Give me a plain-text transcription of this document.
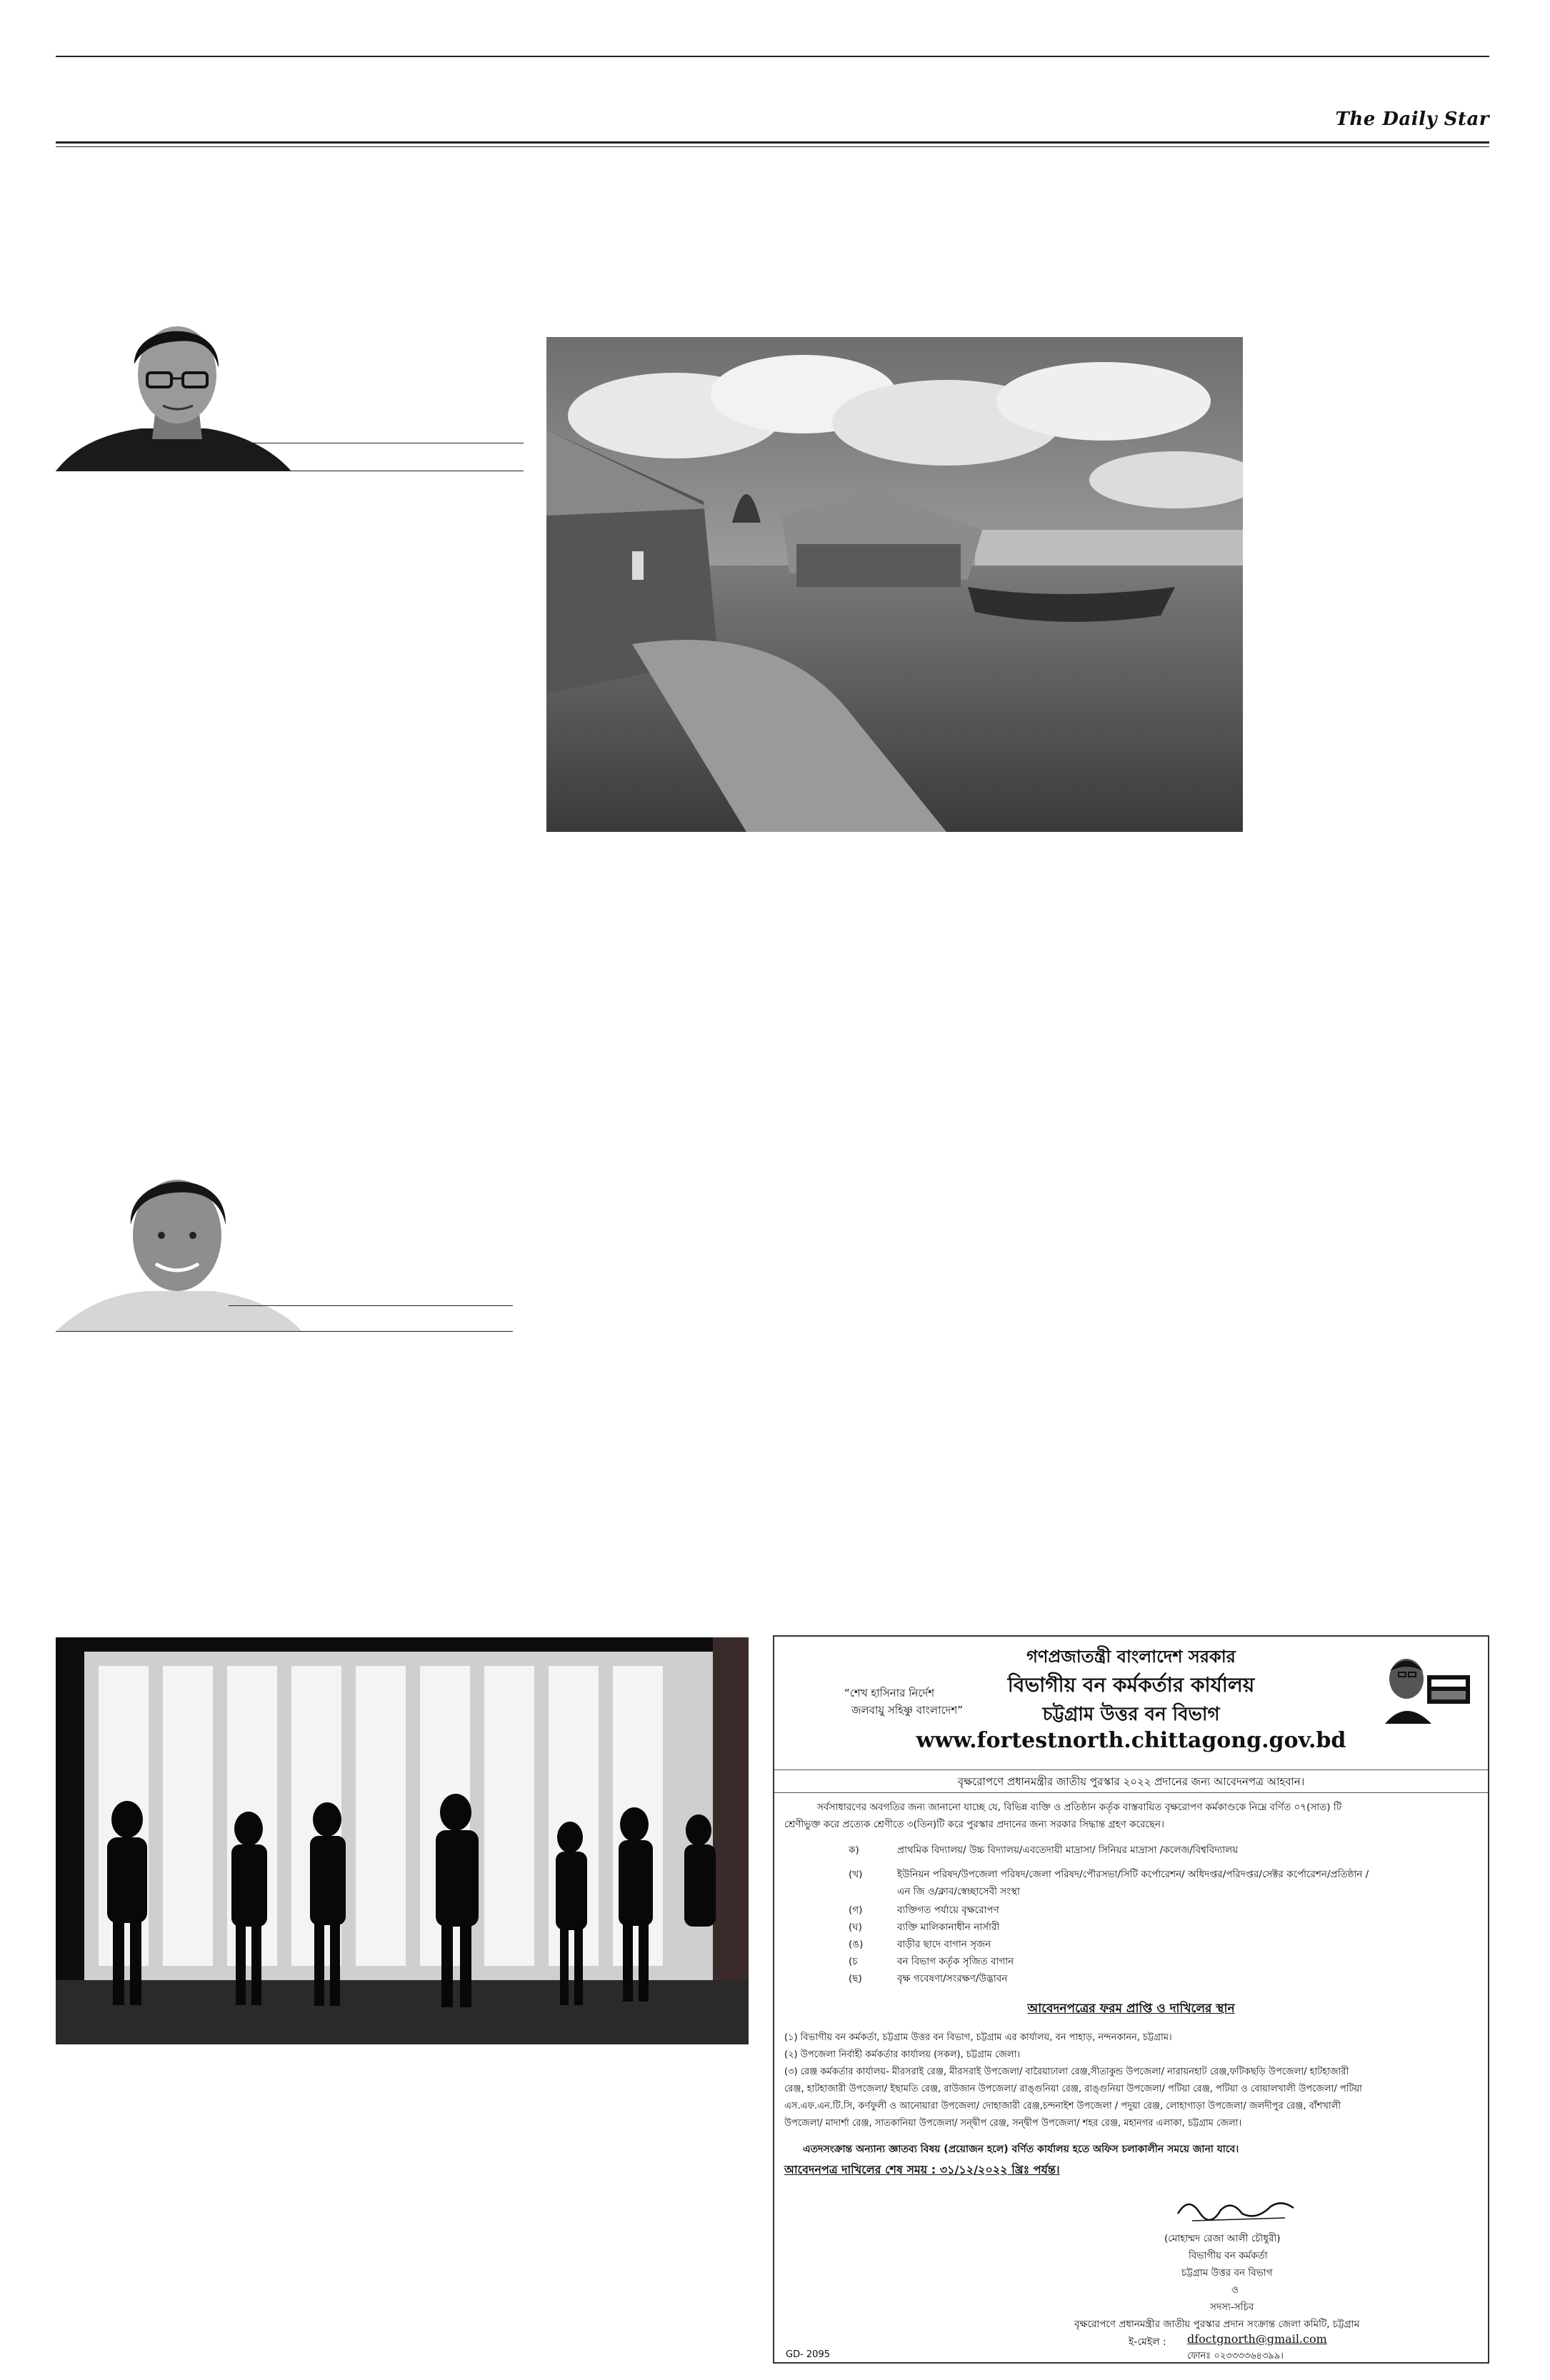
The Daily Star
“শেখ হাসিনার নির্দেশ
জলবায়ু সহিষ্ণু বাংলাদেশ”
গণপ্রজাতন্ত্রী বাংলাদেশ সরকার
বিভাগীয় বন কর্মকর্তার কার্যালয়
চট্টগ্রাম উত্তর বন বিভাগ
www.fortestnorth.chittagong.gov.bd
বৃক্ষরোপণে প্রধানমন্ত্রীর জাতীয় পুরস্কার ২০২২ প্রদানের জন্য আবেদনপত্র আহবান।
সর্বসাধারণের অবগতির জন্য জানানো যাচ্ছে যে, বিভিন্ন ব্যক্তি ও প্রতিষ্ঠান কর্তৃক বাস্তবায়িত বৃক্ষরোপণ কর্মকাণ্ডকে নিম্নে বর্ণিত ০৭(সাত) টি
শ্রেণীভুক্ত করে প্রত্যেক শ্রেণীতে ৩(তিন)টি করে পুরস্কার প্রদানের জন্য সরকার সিদ্ধান্ত গ্রহণ করেছেন।
ক)	প্রাথমিক বিদ্যালয়/ উচ্চ বিদ্যালয়/এবতেদায়ী মাদ্রাসা/ সিনিয়র মাদ্রাসা /কলেজ/বিশ্ববিদ্যালয়
(খ)	ইউনিয়ন পরিষদ/উপজেলা পরিষদ/জেলা পরিষদ/পৌরসভা/সিটি কর্পোরেশন/ অধিদপ্তর/পরিদপ্তর/সেক্টর কর্পোরেশন/প্রতিষ্ঠান /
এন জি ও/ক্লাব/স্বেচ্ছাসেবী সংস্থা
(গ)	ব্যক্তিগত পর্যায়ে বৃক্ষরোপণ
(ঘ)	ব্যক্তি মালিকানাধীন নার্সারী
(ঙ)	বাড়ীর ছাদে বাগান সৃজন
(চ	বন বিভাগ কর্তৃক সৃজিত বাগান
(ছ)	বৃক্ষ গবেষণা/সংরক্ষণ/উদ্ভাবন
আবেদনপত্রের ফরম প্রাপ্তি ও দাখিলের স্থান
(১) বিভাগীয় বন কর্মকর্তা, চট্টগ্রাম উত্তর বন বিভাগ, চট্টগ্রাম এর কার্যালয়, বন পাহাড়, নন্দনকানন, চট্টগ্রাম।
(২) উপজেলা নির্বাহী কর্মকর্তার কার্যালয় (সকল), চট্টগ্রাম জেলা।
(৩) রেঞ্জ কর্মকর্তার কার্যালয়- মীরসরাই রেঞ্জ, মীরসরাই উপজেলা/ বারৈয়াঢালা রেঞ্জ,সীতাকুন্ড উপজেলা/ নারায়নহাট রেঞ্জ,ফটিকছড়ি উপজেলা/ হাটহাজারী
রেঞ্জ, হাটহাজারী উপজেলা/ ইছামতি রেঞ্জ, রাউজান উপজেলা/ রাঙ্গুনিয়া রেঞ্জ, রাঙ্গুনিয়া উপজেলা/ পটিয়া রেঞ্জ, পটিয়া ও বোয়ালখালী উপজেলা/ পটিয়া
এস.এফ.এন.টি.সি, কর্ণফুলী ও আনোয়ারা উপজেলা/ দোহাজারী রেঞ্জ,চন্দনাইশ উপজেলা / পদুয়া রেঞ্জ, লোহাগাড়া উপজেলা/ জলদীপুর রেঞ্জ, বাঁশখালী
উপজেলা/ মাদার্শা রেঞ্জ, সাতকানিয়া উপজেলা/ সন্দ্বীপ রেঞ্জ, সন্দ্বীপ উপজেলা/ শহর রেঞ্জ, মহানগর এলাকা, চট্টগ্রাম জেলা।
এতদসংক্রান্ত অন্যান্য জ্ঞাতব্য বিষয় (প্রয়োজন হলে) বর্ণিত কার্যালয় হতে অফিস চলাকালীন সময়ে জানা যাবে।
আবেদনপত্র দাখিলের শেষ সময় : ৩১/১২/২০২২ খ্রিঃ পর্যন্ত।
(মোহাম্মদ রেজা আলী চৌধুরী)
বিভাগীয় বন কর্মকর্তা
চট্টগ্রাম উত্তর বন বিভাগ
ও
সদস্য-সচিব
বৃক্ষরোপণে প্রধানমন্ত্রীর জাতীয় পুরস্কার প্রদান সংক্রান্ত জেলা কমিটি, চট্টগ্রাম
ই-মেইল : dfoctgnorth@gmail.com
ফোনঃ ০২৩৩৩৩৬৪৩৯৯।
GD- 2095
